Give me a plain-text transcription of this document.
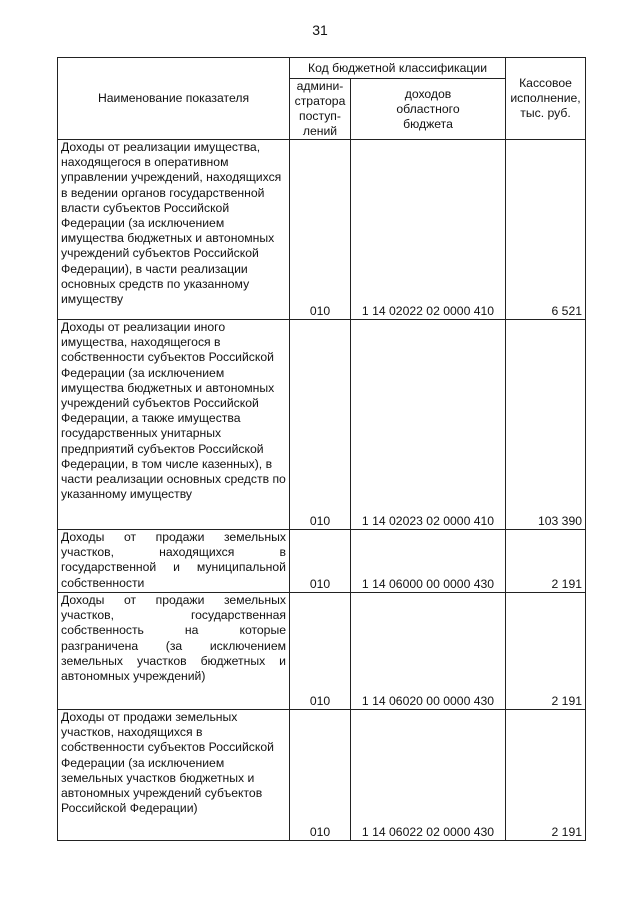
31
Наименование показателя	Код бюджетной классификации		Кассовое
исполнение,
тыс. руб.
	админи-
стратора
поступ-
лений	доходов
областного
бюджета	
Доходы от реализации имущества, находящегося в оперативном управлении учреждений, находящихся в ведении органов государственной власти субъектов Российской Федерации (за исключением имущества бюджетных и автономных учреждений субъектов Российской Федерации), в части реализации основных средств по указанному имуществу	010	1 14 02022 02 0000 410	6 521
Доходы от реализации иного имущества, находящегося в собственности субъектов Российской Федерации (за исключением имущества бюджетных и автономных учреждений субъектов Российской Федерации, а также имущества государственных унитарных предприятий субъектов Российской Федерации, в том числе казенных), в части реализации основных средств по указанному имуществу	010	1 14 02023 02 0000 410	103 390
Доходы от продажи земельных участков, находящихся в государственной и муниципальной собственности	010	1 14 06000 00 0000 430	2 191
Доходы от продажи земельных участков, государственная собственность на которые разграничена (за исключением земельных участков бюджетных и автономных учреждений)	010	1 14 06020 00 0000 430	2 191
Доходы от продажи земельных участков, находящихся в собственности субъектов Российской Федерации (за исключением земельных участков бюджетных и автономных учреждений субъектов Российской Федерации)	010	1 14 06022 02 0000 430	2 191
